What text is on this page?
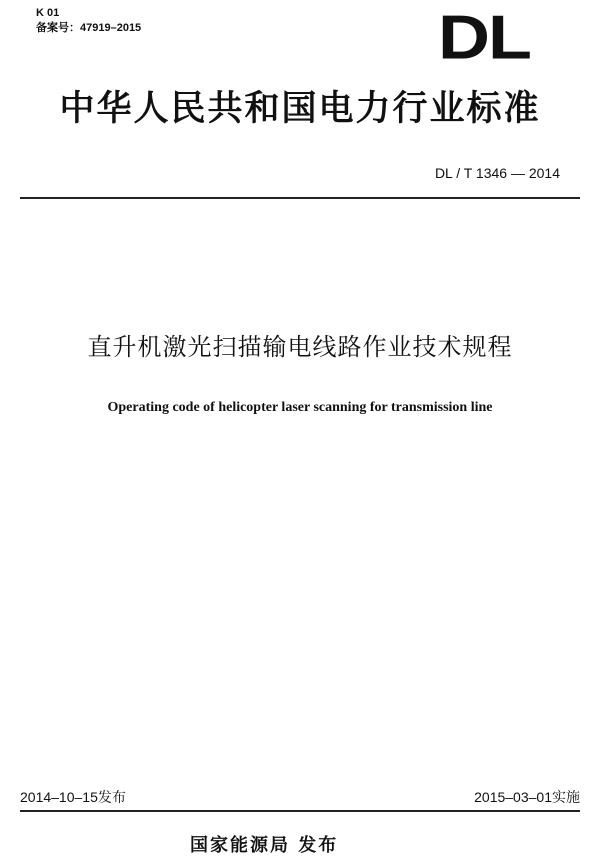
K 01
备案号：47919–2015	DL
中华人民共和国电力行业标准
DL / T 1346 — 2014
直升机激光扫描输电线路作业技术规程
Operating code of helicopter laser scanning for transmission line
2014–10–15发布	2015–03–01实施
国家能源局 发布
